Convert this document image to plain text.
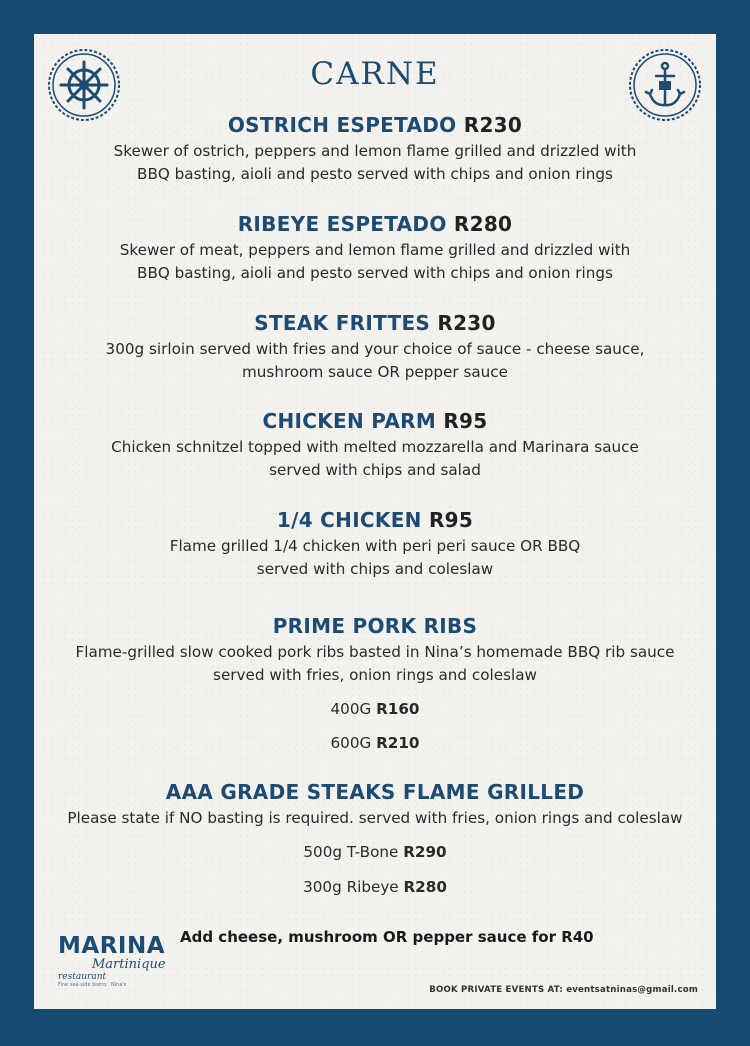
CARNE
OSTRICH ESPETADO R230
Skewer of ostrich, peppers and lemon flame grilled and drizzled with
BBQ basting, aioli and pesto served with chips and onion rings
RIBEYE ESPETADO R280
Skewer of meat, peppers and lemon flame grilled and drizzled with
BBQ basting, aioli and pesto served with chips and onion rings
STEAK FRITTES R230
300g sirloin served with fries and your choice of sauce - cheese sauce,
mushroom sauce OR pepper sauce
CHICKEN PARM R95
Chicken schnitzel topped with melted mozzarella and Marinara sauce
served with chips and salad
1/4 CHICKEN R95
Flame grilled 1/4 chicken with peri peri sauce OR BBQ
served with chips and coleslaw
PRIME PORK RIBS
Flame-grilled slow cooked pork ribs basted in Nina’s homemade BBQ rib sauce
served with fries, onion rings and coleslaw
400G R160
600G R210
AAA GRADE STEAKS FLAME GRILLED
Please state if NO basting is required. served with fries, onion rings and coleslaw
500g T-Bone R290
300g Ribeye R280
MARINA
Martinique
restaurant
Fine sea-side bistro Nina's
Add cheese, mushroom OR pepper sauce for R40
BOOK PRIVATE EVENTS AT: eventsatninas@gmail.com
